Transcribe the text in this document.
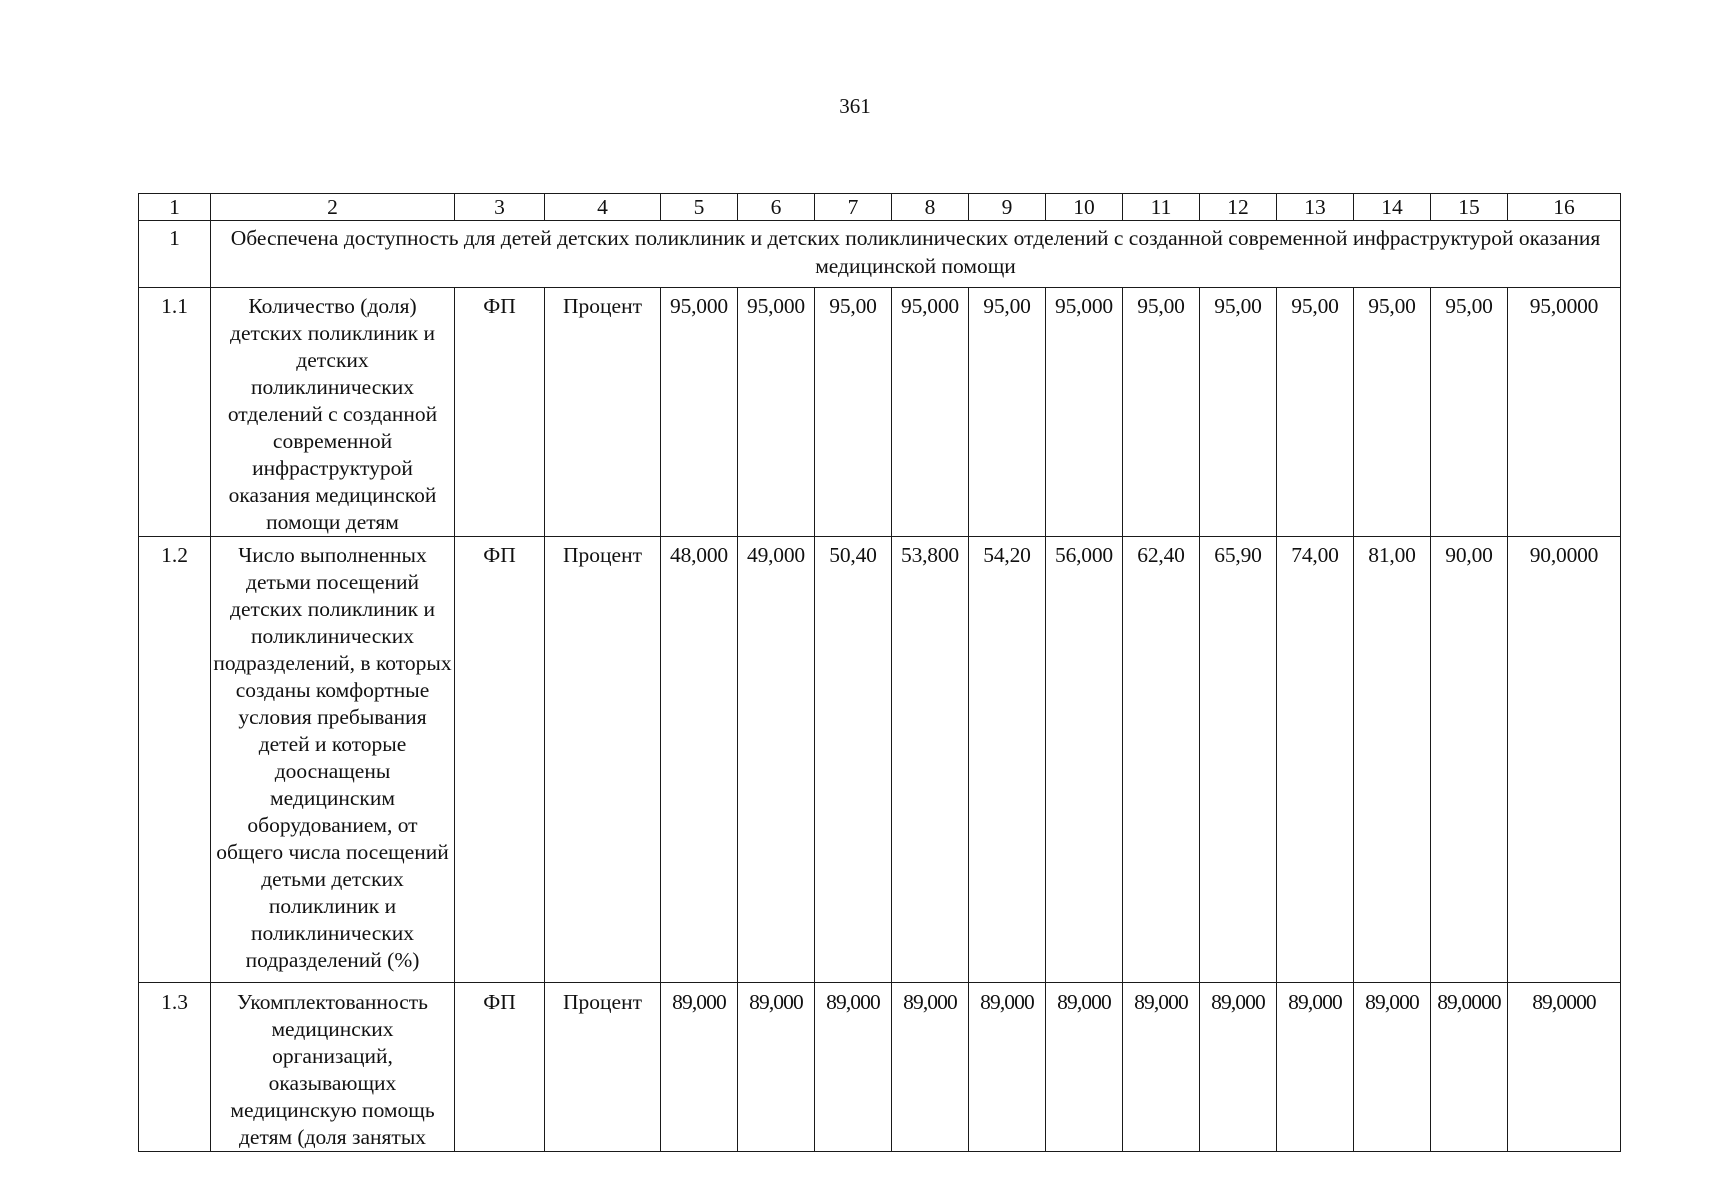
361
1	2	3	4	5	6	7	8	9	10	11	12	13	14	15	16
1	Обеспечена доступность для детей детских поликлиник и детских поликлинических отделений с созданной современной инфраструктурой оказания медицинской помощи														
1.1	Количество (доля) детских поликлиник и детских поликлинических отделений с созданной современной инфраструктурой оказания медицинской помощи детям	ФП	Процент	95,000	95,000	95,00	95,000	95,00	95,000	95,00	95,00	95,00	95,00	95,00	95,0000
1.2	Число выполненных детьми посещений детских поликлиник и поликлинических подразделений, в которых созданы комфортные условия пребывания детей и которые дооснащены медицинским оборудованием, от общего числа посещений детьми детских поликлиник и поликлинических подразделений (%)	ФП	Процент	48,000	49,000	50,40	53,800	54,20	56,000	62,40	65,90	74,00	81,00	90,00	90,0000
1.3	Укомплектованность медицинских организаций, оказывающих медицинскую помощь детям (доля занятых	ФП	Процент	89,000	89,000	89,000	89,000	89,000	89,000	89,000	89,000	89,000	89,000	89,0000	89,0000
